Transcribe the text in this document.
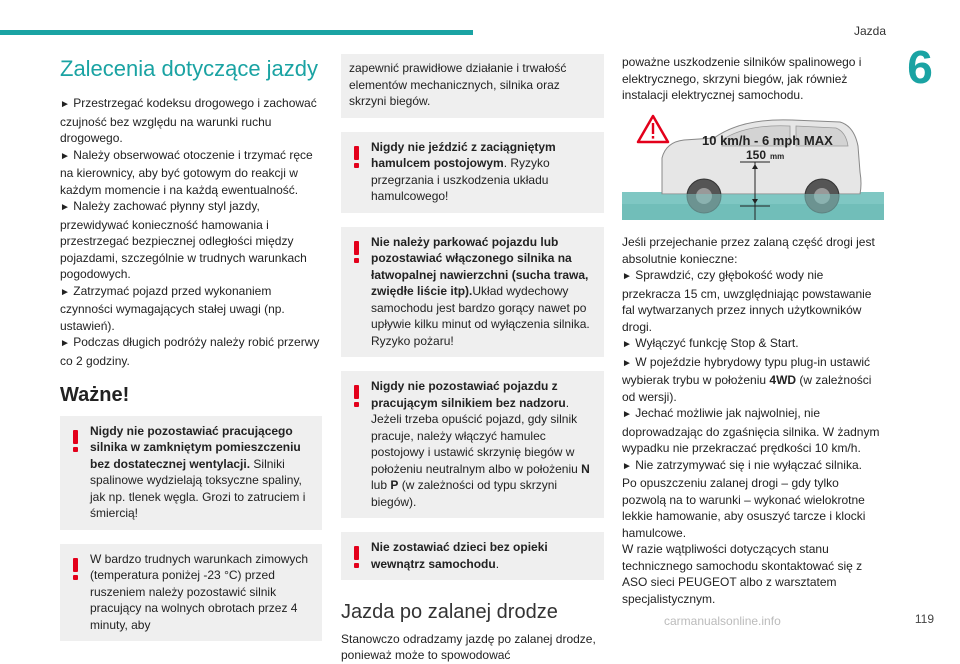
Jazda
6
Zalecenia dotyczące jazdy

► Przestrzegać kodeksu drogowego i zachować czujność bez względu na warunki ruchu drogowego.

► Należy obserwować otoczenie i trzymać ręce na kierownicy, aby być gotowym do reakcji w każdym momencie i na każdą ewentualność.

► Należy zachować płynny styl jazdy, przewidywać konieczność hamowania i przestrzegać bezpiecznej odległości między pojazdami, szczególnie w trudnych warunkach pogodowych.

► Zatrzymać pojazd przed wykonaniem czynności wymagających stałej uwagi (np. ustawień).

► Podczas długich podróży należy robić przerwy co 2 godziny.

Ważne!
Nigdy nie pozostawiać pracującego silnika w zamkniętym pomieszczeniu bez dostatecznej wentylacji. Silniki spalinowe wydzielają toksyczne spaliny, jak np. tlenek węgla. Grozi to zatruciem i śmiercią!
W bardzo trudnych warunkach zimowych (temperatura poniżej -23 °C) przed ruszeniem należy pozostawić silnik pracujący na wolnych obrotach przez 4 minuty, aby
zapewnić prawidłowe działanie i trwałość elementów mechanicznych, silnika oraz skrzyni biegów.
Nigdy nie jeździć z zaciągniętym hamulcem postojowym. Ryzyko przegrzania i uszkodzenia układu hamulcowego!
Nie należy parkować pojazdu lub pozostawiać włączonego silnika na łatwopalnej nawierzchni (sucha trawa, zwiędłe liście itp).Układ wydechowy samochodu jest bardzo gorący nawet po upływie kilku minut od wyłączenia silnika. Ryzyko pożaru!
Nigdy nie pozostawiać pojazdu z pracującym silnikiem bez nadzoru. Jeżeli trzeba opuścić pojazd, gdy silnik pracuje, należy włączyć hamulec postojowy i ustawić skrzynię biegów w położeniu neutralnym albo w położeniu N lub P (w zależności od typu skrzyni biegów).
Nie zostawiać dzieci bez opieki wewnątrz samochodu.
Jazda po zalanej drodze

Stanowczo odradzamy jazdę po zalanej drodze, ponieważ może to spowodować

poważne uszkodzenie silników spalinowego i elektrycznego, skrzyni biegów, jak również instalacji elektrycznej samochodu.

10 km/h - 6 mph MAX
150 mm

Jeśli przejechanie przez zalaną część drogi jest absolutnie konieczne:

► Sprawdzić, czy głębokość wody nie przekracza 15 cm, uwzględniając powstawanie fal wytwarzanych przez innych użytkowników drogi.

► Wyłączyć funkcję Stop & Start.

► W pojeździe hybrydowy typu plug-in ustawić wybierak trybu w położeniu 4WD (w zależności od wersji).

► Jechać możliwie jak najwolniej, nie doprowadzając do zgaśnięcia silnika. W żadnym wypadku nie przekraczać prędkości 10 km/h.

► Nie zatrzymywać się i nie wyłączać silnika.

Po opuszczeniu zalanej drogi – gdy tylko pozwolą na to warunki – wykonać wielokrotne lekkie hamowanie, aby osuszyć tarcze i klocki hamulcowe.

W razie wątpliwości dotyczących stanu technicznego samochodu skontaktować się z ASO sieci PEUGEOT albo z warsztatem specjalistycznym.

carmanualsonline.info	119
